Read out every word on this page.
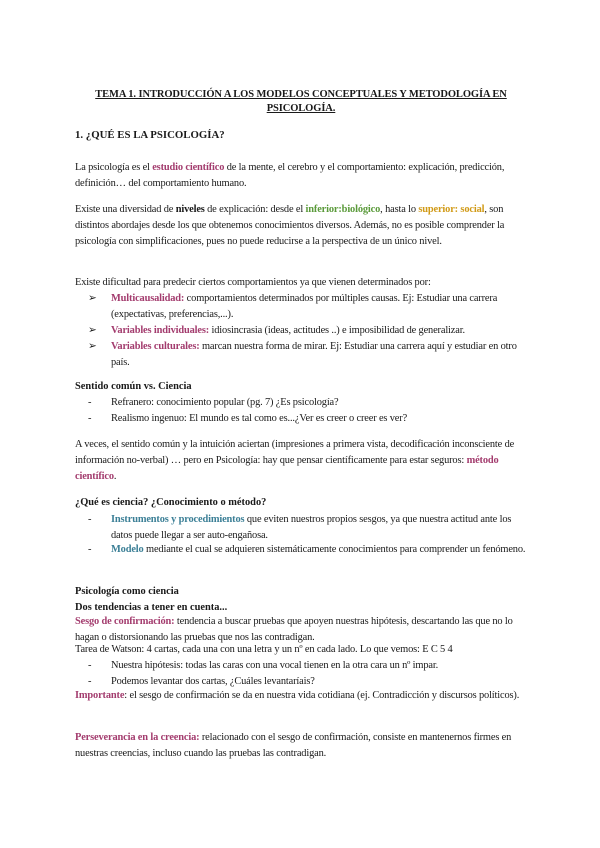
TEMA 1. INTRODUCCIÓN A LOS MODELOS CONCEPTUALES Y METODOLOGÍA EN PSICOLOGÍA.
1. ¿QUÉ ES LA PSICOLOGÍA?
La psicología es el estudio científico de la mente, el cerebro y el comportamiento: explicación, predicción, definición… del comportamiento humano.
Existe una diversidad de niveles de explicación: desde el inferior:biológico, hasta lo superior: social, son distintos abordajes desde los que obtenemos conocimientos diversos. Además, no es posible comprender la psicología con simplificaciones, pues no puede reducirse a la perspectiva de un único nivel.
Existe dificultad para predecir ciertos comportamientos ya que vienen determinados por:
➢ Multicausalidad: comportamientos determinados por múltiples causas. Ej: Estudiar una carrera (expectativas, preferencias,...).
➢ Variables individuales: idiosincrasia (ideas, actitudes ..) e imposibilidad de generalizar.
➢ Variables culturales: marcan nuestra forma de mirar. Ej: Estudiar una carrera aquí y estudiar en otro país.
Sentido común vs. Ciencia
- Refranero: conocimiento popular (pg. 7) ¿Es psicología?
- Realismo ingenuo: El mundo es tal como es...¿Ver es creer o creer es ver?
A veces, el sentido común y la intuición aciertan (impresiones a primera vista, decodificación inconsciente de información no-verbal) … pero en Psicología: hay que pensar científicamente para estar seguros: método científico.
¿Qué es ciencia? ¿Conocimiento o método?
- Instrumentos y procedimientos que eviten nuestros propios sesgos, ya que nuestra actitud ante los datos puede llegar a ser auto-engañosa.
- Modelo mediante el cual se adquieren sistemáticamente conocimientos para comprender un fenómeno.
Psicología como ciencia
Dos tendencias a tener en cuenta...
Sesgo de confirmación: tendencia a buscar pruebas que apoyen nuestras hipótesis, descartando las que no lo hagan o distorsionando las pruebas que nos las contradigan.
Tarea de Watson: 4 cartas, cada una con una letra y un nº en cada lado. Lo que vemos: E C 5 4
- Nuestra hipótesis: todas las caras con una vocal tienen en la otra cara un nº impar.
- Podemos levantar dos cartas, ¿Cuáles levantaríais?
Importante: el sesgo de confirmación se da en nuestra vida cotidiana (ej. Contradicción y discursos políticos).
Perseverancia en la creencia: relacionado con el sesgo de confirmación, consiste en mantenernos firmes en nuestras creencias, incluso cuando las pruebas las contradigan.
